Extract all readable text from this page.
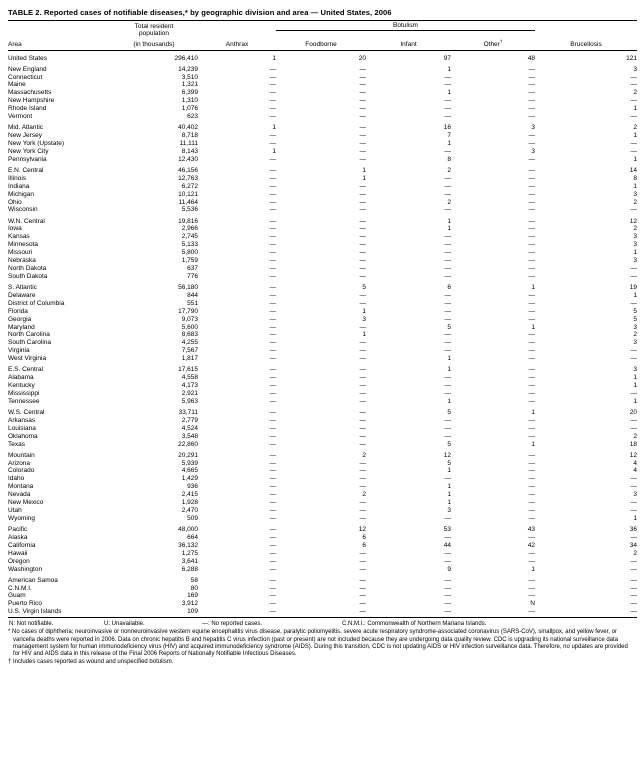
TABLE 2. Reported cases of notifiable diseases,* by geographic division and area — United States, 2006

	Total resident		Botulism			
	population					
Area	(in thousands)	Anthrax	Foodborne	Infant	Other†	Brucellosis

United States	296,410	1	20	97	48	121

New England	14,239	—	—	1	—	3
Connecticut	3,510	—	—	—	—	—
Maine	1,321	—	—	—	—	—
Massachusetts	6,399	—	—	1	—	2
New Hampshire	1,310	—	—	—	—	—
Rhode Island	1,076	—	—	—	—	1
Vermont	623	—	—	—	—	—

Mid. Atlantic	40,402	1	—	16	3	2
New Jersey	8,718	—	—	7	—	1
New York (Upstate)	11,111	—	—	1	—	—
New York City	8,143	1	—	—	3	—
Pennsylvania	12,430	—	—	8	—	1

E.N. Central	46,156	—	1	2	—	14
Illinois	12,763	—	1	—	—	8
Indiana	6,272	—	—	—	—	1
Michigan	10,121	—	—	—	—	3
Ohio	11,464	—	—	2	—	2
Wisconsin	5,536	—	—	—	—	—

W.N. Central	19,816	—	—	1	—	12
Iowa	2,966	—	—	1	—	2
Kansas	2,745	—	—	—	—	3
Minnesota	5,133	—	—	—	—	3
Missouri	5,800	—	—	—	—	1
Nebraska	1,759	—	—	—	—	3
North Dakota	637	—	—	—	—	—
South Dakota	776	—	—	—	—	—

S. Atlantic	56,180	—	5	6	1	19
Delaware	844	—	—	—	—	1
District of Columbia	551	—	—	—	—	—
Florida	17,790	—	1	—	—	5
Georgia	9,073	—	3	—	—	5
Maryland	5,600	—	—	5	1	3
North Carolina	8,683	—	1	—	—	2
South Carolina	4,255	—	—	—	—	3
Virginia	7,567	—	—	—	—	—
West Virginia	1,817	—	—	1	—	—

E.S. Central	17,615	—	—	1	—	3
Alabama	4,558	—	—	—	—	1
Kentucky	4,173	—	—	—	—	1
Mississippi	2,921	—	—	—	—	—
Tennessee	5,963	—	—	1	—	1

W.S. Central	33,711	—	—	5	1	20
Arkansas	2,779	—	—	—	—	—
Louisiana	4,524	—	—	—	—	—
Oklahoma	3,548	—	—	—	—	2
Texas	22,860	—	—	5	1	18

Mountain	20,291	—	2	12	—	12
Arizona	5,939	—	—	5	—	4
Colorado	4,665	—	—	1	—	4
Idaho	1,429	—	—	—	—	—
Montana	936	—	—	1	—	—
Nevada	2,415	—	2	1	—	3
New Mexico	1,928	—	—	1	—	—
Utah	2,470	—	—	3	—	—
Wyoming	509	—	—	—	—	1

Pacific	48,000	—	12	53	43	36
Alaska	664	—	6	—	—	—
California	36,132	—	6	44	42	34
Hawaii	1,275	—	—	—	—	2
Oregon	3,641	—	—	—	—	—
Washington	6,288	—	—	9	1	—

American Samoa	58	—	—	—	—	—
C.N.M.I.	80	—	—	—	—	—
Guam	169	—	—	—	—	—
Puerto Rico	3,912	—	—	—	N	—
U.S. Virgin Islands	109	—	—	—	—	—

N: Not notifiable.	U: Unavailable.	—: No reported cases.	C.N.M.I.: Commonwealth of Northern Mariana Islands.
* No cases of diphtheria; neuroinvasive or nonneuroinvasive western equine encephalitis virus disease, paralytic poliomyelitis, severe acute respiratory syndrome-associated coronavirus (SARS-CoV), smallpox, and yellow fever, or varicella deaths were reported in 2006. Data on chronic hepatitis B and hepatitis C virus infection (past or present) are not included because they are undergoing data quality review. CDC is upgrading its national surveillance data management system for human immunodeficiency virus (HIV) and acquired immunodeficiency syndrome (AIDS). During this transition, CDC is not updating AIDS or HIV infection surveillance data. Therefore, no updates are provided for HIV and AIDS data in this release of the Final 2006 Reports of Nationally Notifiable Infectious Diseases.
† Includes cases reported as wound and unspecified botulism.
